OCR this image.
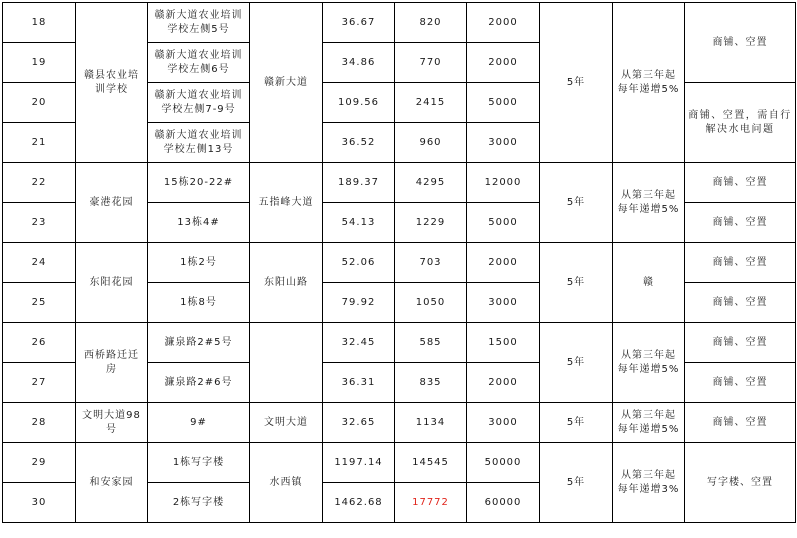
18	赣县农业培训学校	赣新大道农业培训学校左侧5号	赣新大道	36.67	820	2000	5年	从第三年起每年递增5%	商铺、空置
19		赣新大道农业培训学校左侧6号		34.86	770	2000			
20		赣新大道农业培训学校左侧7-9号		109.56	2415	5000			商铺、空置，需自行解决水电问题
21		赣新大道农业培训学校左侧13号		36.52	960	3000			
22	豪港花园	15栋20-22#	五指峰大道	189.37	4295	12000	5年	从第三年起每年递增5%	商铺、空置
23		13栋4#		54.13	1229	5000			商铺、空置
24	东阳花园	1栋2号	东阳山路	52.06	703	2000	5年	赣	商铺、空置
25		1栋8号		79.92	1050	3000			商铺、空置
26	西桥路迁迁房	濂泉路2#5号		32.45	585	1500	5年	从第三年起每年递增5%	商铺、空置
27		濂泉路2#6号		36.31	835	2000			商铺、空置
28	文明大道98号	9#	文明大道	32.65	1134	3000	5年	从第三年起每年递增5%	商铺、空置
29	和安家园	1栋写字楼	水西镇	1197.14	14545	50000	5年	从第三年起每年递增3%	写字楼、空置
30		2栋写字楼		1462.68	17772	60000			
